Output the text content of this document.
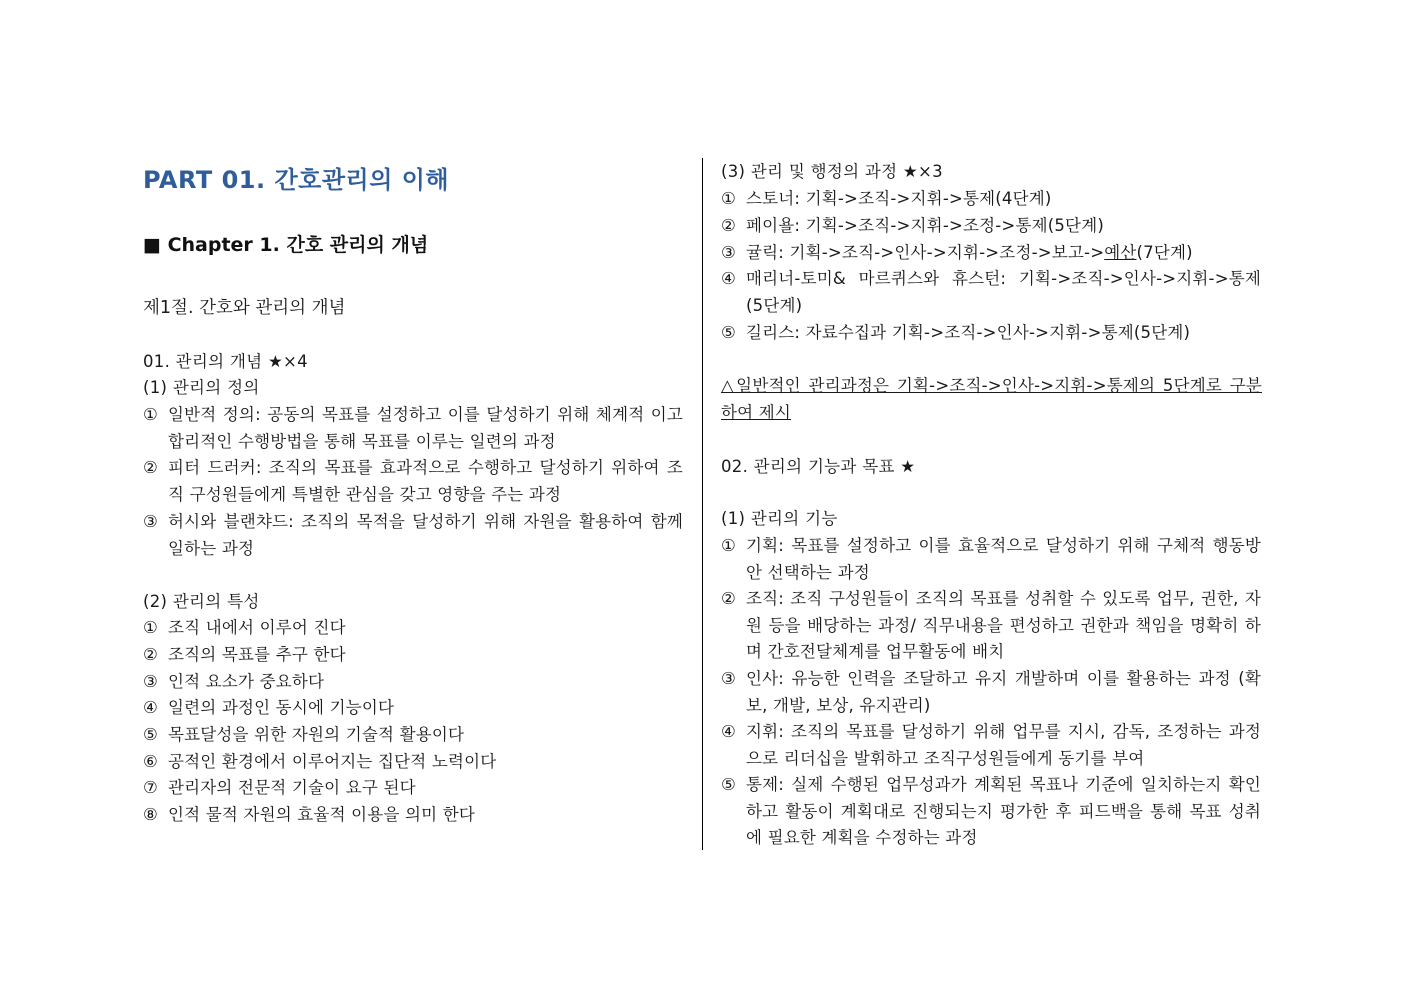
PART 01. 간호관리의 이해
■ Chapter 1. 간호 관리의 개념
제1절. 간호와 관리의 개념
01. 관리의 개념 ★×4
(1) 관리의 정의
① 일반적 정의: 공동의 목표를 설정하고 이를 달성하기 위해 체계적 이고 합리적인 수행방법을 통해 목표를 이루는 일련의 과정
② 피터 드러커: 조직의 목표를 효과적으로 수행하고 달성하기 위하여 조직 구성원들에게 특별한 관심을 갖고 영향을 주는 과정
③ 허시와 블랜챠드: 조직의 목적을 달성하기 위해 자원을 활용하여 함께 일하는 과정
(2) 관리의 특성
① 조직 내에서 이루어 진다
② 조직의 목표를 추구 한다
③ 인적 요소가 중요하다
④ 일련의 과정인 동시에 기능이다
⑤ 목표달성을 위한 자원의 기술적 활용이다
⑥ 공적인 환경에서 이루어지는 집단적 노력이다
⑦ 관리자의 전문적 기술이 요구 된다
⑧ 인적 물적 자원의 효율적 이용을 의미 한다
(3) 관리 및 행정의 과정 ★×3
① 스토너: 기획->조직->지휘->통제(4단계)
② 페이욜: 기획->조직->지휘->조정->통제(5단계)
③ 귤릭: 기획->조직->인사->지휘->조정->보고->예산(7단계)
④ 매리너-토미& 마르퀴스와 휴스턴: 기획->조직->인사->지휘->통제 (5단계)
⑤ 길리스: 자료수집과 기획->조직->인사->지휘->통제(5단계)
△일반적인 관리과정은 기획->조직->인사->지휘->통제의 5단계로 구분하여 제시
02. 관리의 기능과 목표 ★
(1) 관리의 기능
① 기획: 목표를 설정하고 이를 효율적으로 달성하기 위해 구체적 행동방안 선택하는 과정
② 조직: 조직 구성원들이 조직의 목표를 성취할 수 있도록 업무, 권한, 자원 등을 배당하는 과정/ 직무내용을 편성하고 권한과 책임을 명확히 하며 간호전달체계를 업무활동에 배치
③ 인사: 유능한 인력을 조달하고 유지 개발하며 이를 활용하는 과정 (확보, 개발, 보상, 유지관리)
④ 지휘: 조직의 목표를 달성하기 위해 업무를 지시, 감독, 조정하는 과정으로 리더십을 발휘하고 조직구성원들에게 동기를 부여
⑤ 통제: 실제 수행된 업무성과가 계획된 목표나 기준에 일치하는지 확인하고 활동이 계획대로 진행되는지 평가한 후 피드백을 통해 목표 성취에 필요한 계획을 수정하는 과정
